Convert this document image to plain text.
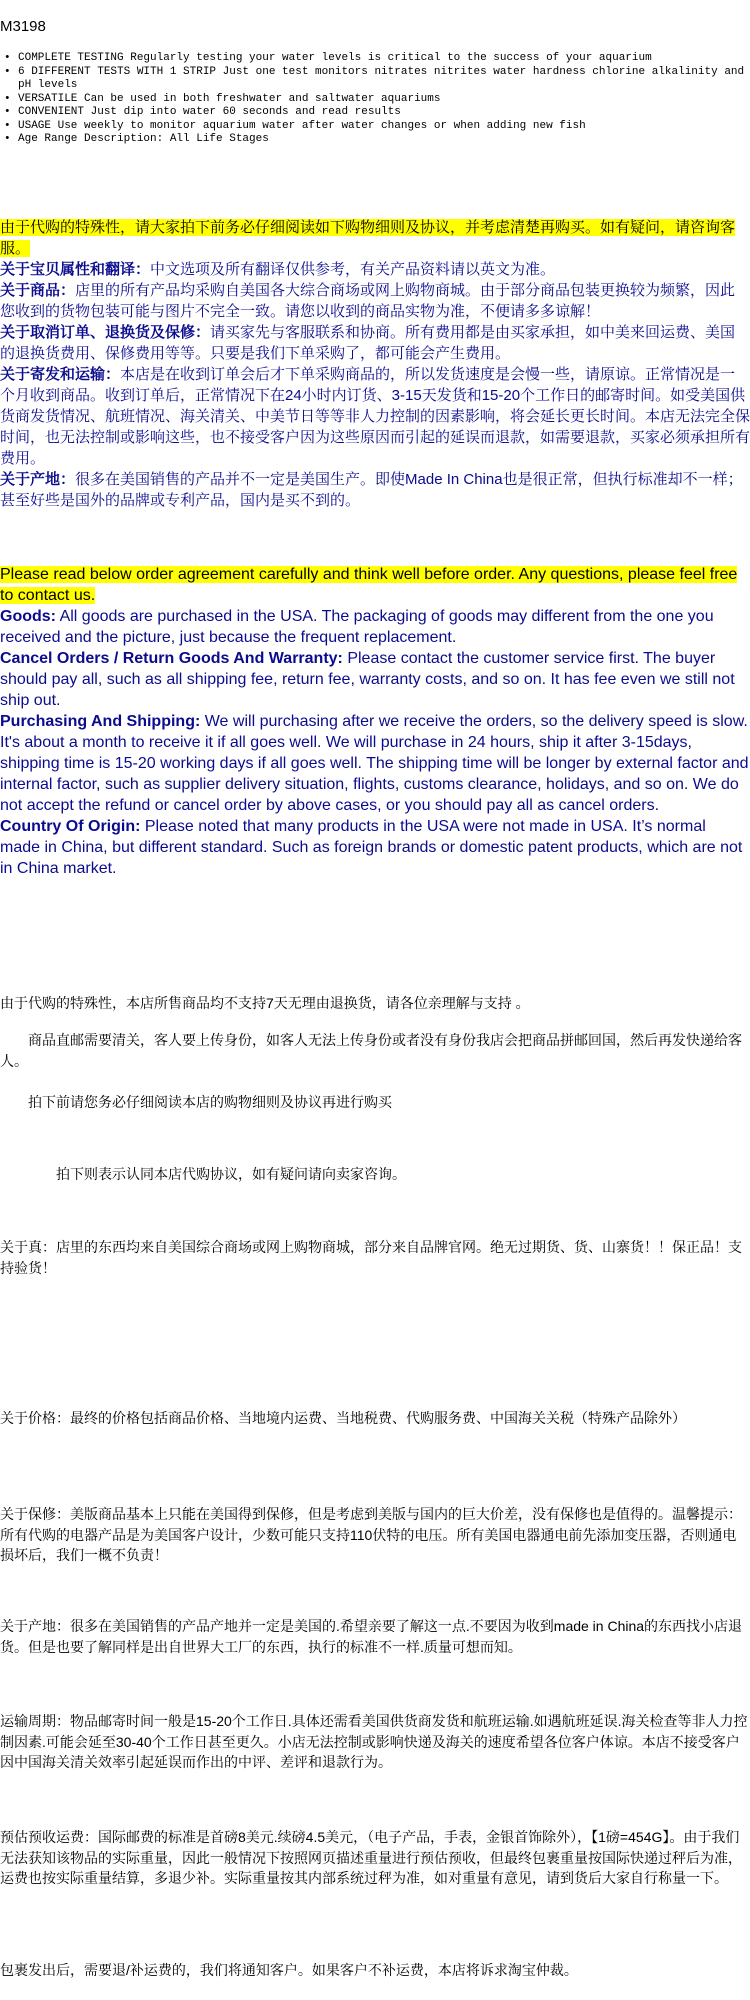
M3198
• COMPLETE TESTING Regularly testing your water levels is critical to the success of your aquarium
• 6 DIFFERENT TESTS WITH 1 STRIP Just one test monitors nitrates nitrites water hardness chlorine alkalinity and pH levels
• VERSATILE Can be used in both freshwater and saltwater aquariums
• CONVENIENT Just dip into water 60 seconds and read results
• USAGE Use weekly to monitor aquarium water after water changes or when adding new fish
• Age Range Description: All Life Stages
由于代购的特殊性，请大家拍下前务必仔细阅读如下购物细则及协议，并考虑清楚再购买。如有疑问，请咨询客服。
关于宝贝属性和翻译：中文选项及所有翻译仅供参考，有关产品资料请以英文为准。
关于商品：店里的所有产品均采购自美国各大综合商场或网上购物商城。由于部分商品包装更换较为频繁，因此您收到的货物包装可能与图片不完全一致。请您以收到的商品实物为准，不便请多多谅解！
关于取消订单、退换货及保修：请买家先与客服联系和协商。所有费用都是由买家承担，如中美来回运费、美国的退换货费用、保修费用等等。只要是我们下单采购了，都可能会产生费用。
关于寄发和运输：本店是在收到订单会后才下单采购商品的，所以发货速度是会慢一些，请原谅。正常情况是一个月收到商品。收到订单后，正常情况下在24小时内订货、3-15天发货和15-20个工作日的邮寄时间。如受美国供货商发货情况、航班情况、海关清关、中美节日等等非人力控制的因素影响，将会延长更长时间。本店无法完全保时间，也无法控制或影响这些，也不接受客户因为这些原因而引起的延误而退款，如需要退款，买家必须承担所有费用。
关于产地：很多在美国销售的产品并不一定是美国生产。即使Made In China也是很正常，但执行标准却不一样；甚至好些是国外的品牌或专利产品，国内是买不到的。
Please read below order agreement carefully and think well before order. Any questions, please feel free to contact us.
Goods: All goods are purchased in the USA. The packaging of goods may different from the one you received and the picture, just because the frequent replacement.
Cancel Orders / Return Goods And Warranty: Please contact the customer service first. The buyer should pay all, such as all shipping fee, return fee, warranty costs, and so on. It has fee even we still not ship out.
Purchasing And Shipping: We will purchasing after we receive the orders, so the delivery speed is slow. It's about a month to receive it if all goes well. We will purchase in 24 hours, ship it after 3-15days, shipping time is 15-20 working days if all goes well. The shipping time will be longer by external factor and internal factor, such as supplier delivery situation, flights, customs clearance, holidays, and so on. We do not accept the refund or cancel order by above cases, or you should pay all as cancel orders.
Country Of Origin: Please noted that many products in the USA were not made in USA. It’s normal made in China, but different standard. Such as foreign brands or domestic patent products, which are not in China market.
由于代购的特殊性，本店所售商品均不支持7天无理由退换货，请各位亲理解与支持 。
　　商品直邮需要清关，客人要上传身份，如客人无法上传身份或者没有身份我店会把商品拼邮回国，然后再发快递给客人。
　　拍下前请您务必仔细阅读本店的购物细则及协议再进行购买
　　　　拍下则表示认同本店代购协议，如有疑问请向卖家咨询。
关于真：店里的东西均来自美国综合商场或网上购物商城，部分来自品牌官网。绝无过期货、货、山寨货！！保正品！支持验货！
关于价格：最终的价格包括商品价格、当地境内运费、当地税费、代购服务费、中国海关关税（特殊产品除外）
关于保修：美版商品基本上只能在美国得到保修，但是考虑到美版与国内的巨大价差，没有保修也是值得的。温馨提示：所有代购的电器产品是为美国客户设计，少数可能只支持110伏特的电压。所有美国电器通电前先添加变压器，否则通电损坏后，我们一概不负责！
关于产地：很多在美国销售的产品产地并一定是美国的.希望亲要了解这一点.不要因为收到made in China的东西找小店退货。但是也要了解同样是出自世界大工厂的东西，执行的标准不一样.质量可想而知。
运输周期：物品邮寄时间一般是15-20个工作日.具体还需看美国供货商发货和航班运输.如遇航班延误.海关检查等非人力控制因素.可能会延至30-40个工作日甚至更久。小店无法控制或影响快递及海关的速度希望各位客户体谅。本店不接受客户因中国海关清关效率引起延误而作出的中评、差评和退款行为。
预估预收运费：国际邮费的标准是首磅8美元.续磅4.5美元，（电子产品，手表，金银首饰除外），【1磅=454G】。由于我们无法获知该物品的实际重量，因此一般情况下按照网页描述重量进行预估预收，但最终包裹重量按国际快递过秤后为准，运费也按实际重量结算，多退少补。实际重量按其内部系统过秤为准，如对重量有意见，请到货后大家自行称量一下。
包裹发出后，需要退/补运费的，我们将通知客户。如果客户不补运费，本店将诉求淘宝仲裁。
